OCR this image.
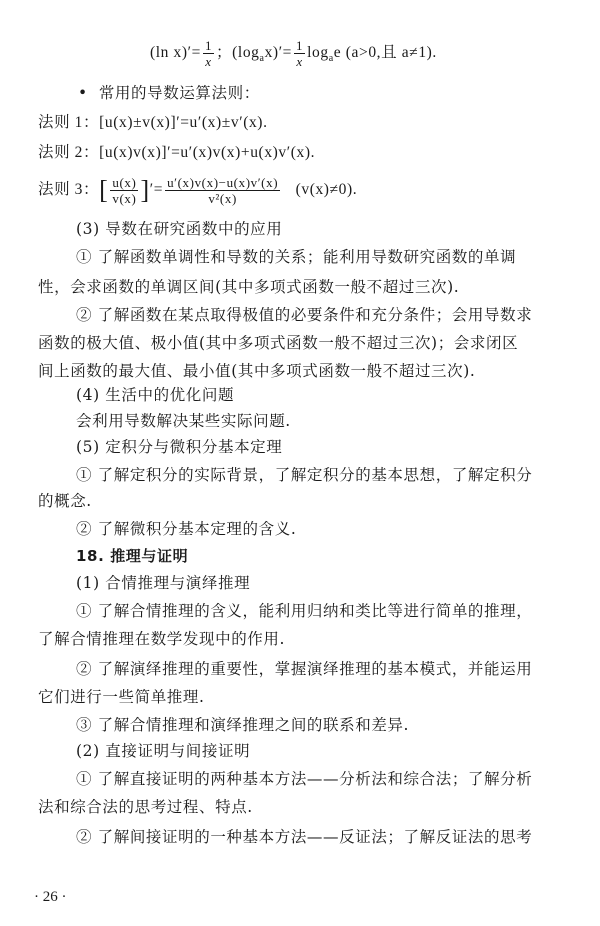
(ln $x)'= \frac{1}{x}$ ；$(\log_ax)'= \frac{1}{x} \log_ae$ (a>0,且 a≠1).
• 常用的导数运算法则：
法则 1：[u(x)±v(x)]′=u′(x)±v′(x).
法则 2：[u(x)v(x)]′=u′(x)v(x)+u(x)v′(x).
法则 3：[ $\frac{u(x)}{v(x)}$ ]′= $\frac{u'(x)v(x)-u(x)v'(x)}{\text{v²(x)}} (v(x)\ne 0)$.
(3) 导数在研究函数中的应用
① 了解函数单调性和导数的关系；能利用导数研究函数的单调
性，会求函数的单调区间(其中多项式函数一般不超过三次).
② 了解函数在某点取得极值的必要条件和充分条件；会用导数求
函数的极大值、极小值(其中多项式函数一般不超过三次)；会求闭区
间上函数的最大值、最小值(其中多项式函数一般不超过三次).
(4) 生活中的优化问题
会利用导数解决某些实际问题.
(5) 定积分与微积分基本定理
① 了解定积分的实际背景，了解定积分的基本思想，了解定积分
的概念.
② 了解微积分基本定理的含义.
18. 推理与证明
(1) 合情推理与演绎推理
① 了解合情推理的含义，能利用归纳和类比等进行简单的推理，
了解合情推理在数学发现中的作用.
② 了解演绎推理的重要性，掌握演绎推理的基本模式，并能运用
它们进行一些简单推理.
③ 了解合情推理和演绎推理之间的联系和差异.
(2) 直接证明与间接证明
① 了解直接证明的两种基本方法——分析法和综合法；了解分析
法和综合法的思考过程、特点.
② 了解间接证明的一种基本方法——反证法；了解反证法的思考
· 26 ·
